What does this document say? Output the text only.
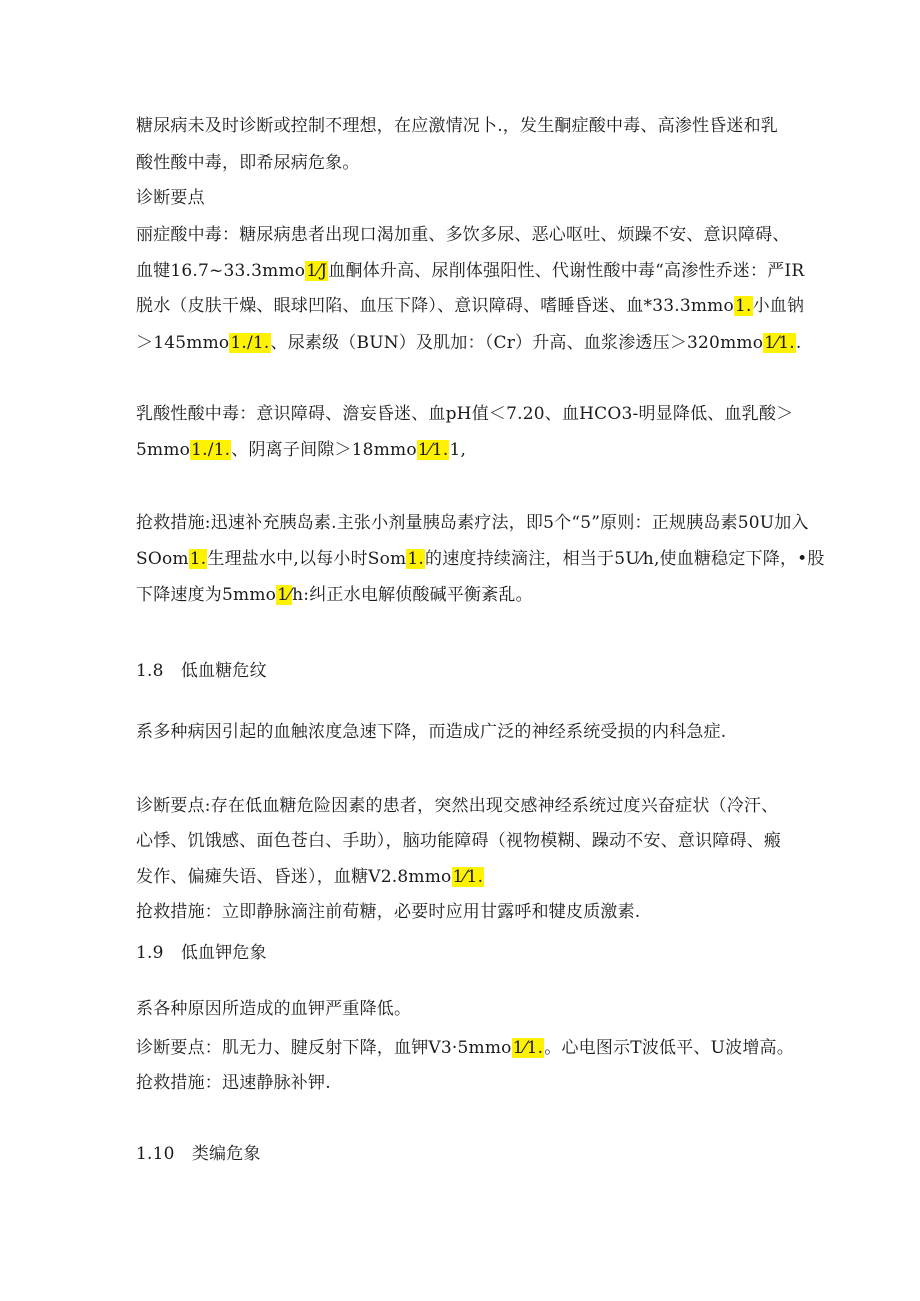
糖尿病未及时诊断或控制不理想，在应激情况卜.，发生酮症酸中毒、高渗性昏迷和乳
酸性酸中毒，即希尿病危象。
诊断要点
丽症酸中毒：糖尿病患者出现口渴加重、多饮多尿、恶心呕吐、烦躁不安、意识障碍、
血犍16.7~33.3mmo1⁄J血酮体升高、尿削体强阳性、代谢性酸中毒“高渗性乔迷：严IR
脱水（皮肤干燥、眼球凹陷、血压下降）、意识障碍、嗜睡昏迷、血*33.3mmo1.小血钠
＞145mmo1./1.、尿素级（BUN）及肌加：（Cr）升高、血浆渗透压＞320mmo1⁄1..
乳酸性酸中毒：意识障碍、澹妄昏迷、血pH值＜7.20、血HCO3-明显降低、血乳酸＞
5mmo1./1.、阴离子间隙＞18mmo1⁄1.1,
抢救措施:迅速补充胰岛素.主张小剂量胰岛素疗法，即5个“5”原则：正规胰岛素50U加入
SOom1.生理盐水中,以每小时Som1.的速度持续滴注，相当于5U⁄h,使血糖稳定下降，•股
下降速度为5mmo1⁄h:纠正水电解侦酸碱平衡紊乱。
1.8　低血糖危纹
系多种病因引起的血触浓度急速下降，而造成广泛的神经系统受损的内科急症.
诊断要点:存在低血糖危险因素的患者，突然出现交感神经系统过度兴奋症状（冷汗、
心悸、饥饿感、面色苍白、手助），脑功能障碍（视物模糊、躁动不安、意识障碍、瘢
发作、偏瘫失语、昏迷），血糖V2.8mmo1⁄1.
抢救措施：立即静脉滴注前荀糖，必要时应用甘露呼和犍皮质激素.
1.9　低血钾危象
系各种原因所造成的血钾严重降低。
诊断要点：肌无力、腱反射下降，血钾V3·5mmo1⁄1.。心电图示T波低平、U波增高。
抢救措施：迅速静脉补钾.
1.10　类编危象
